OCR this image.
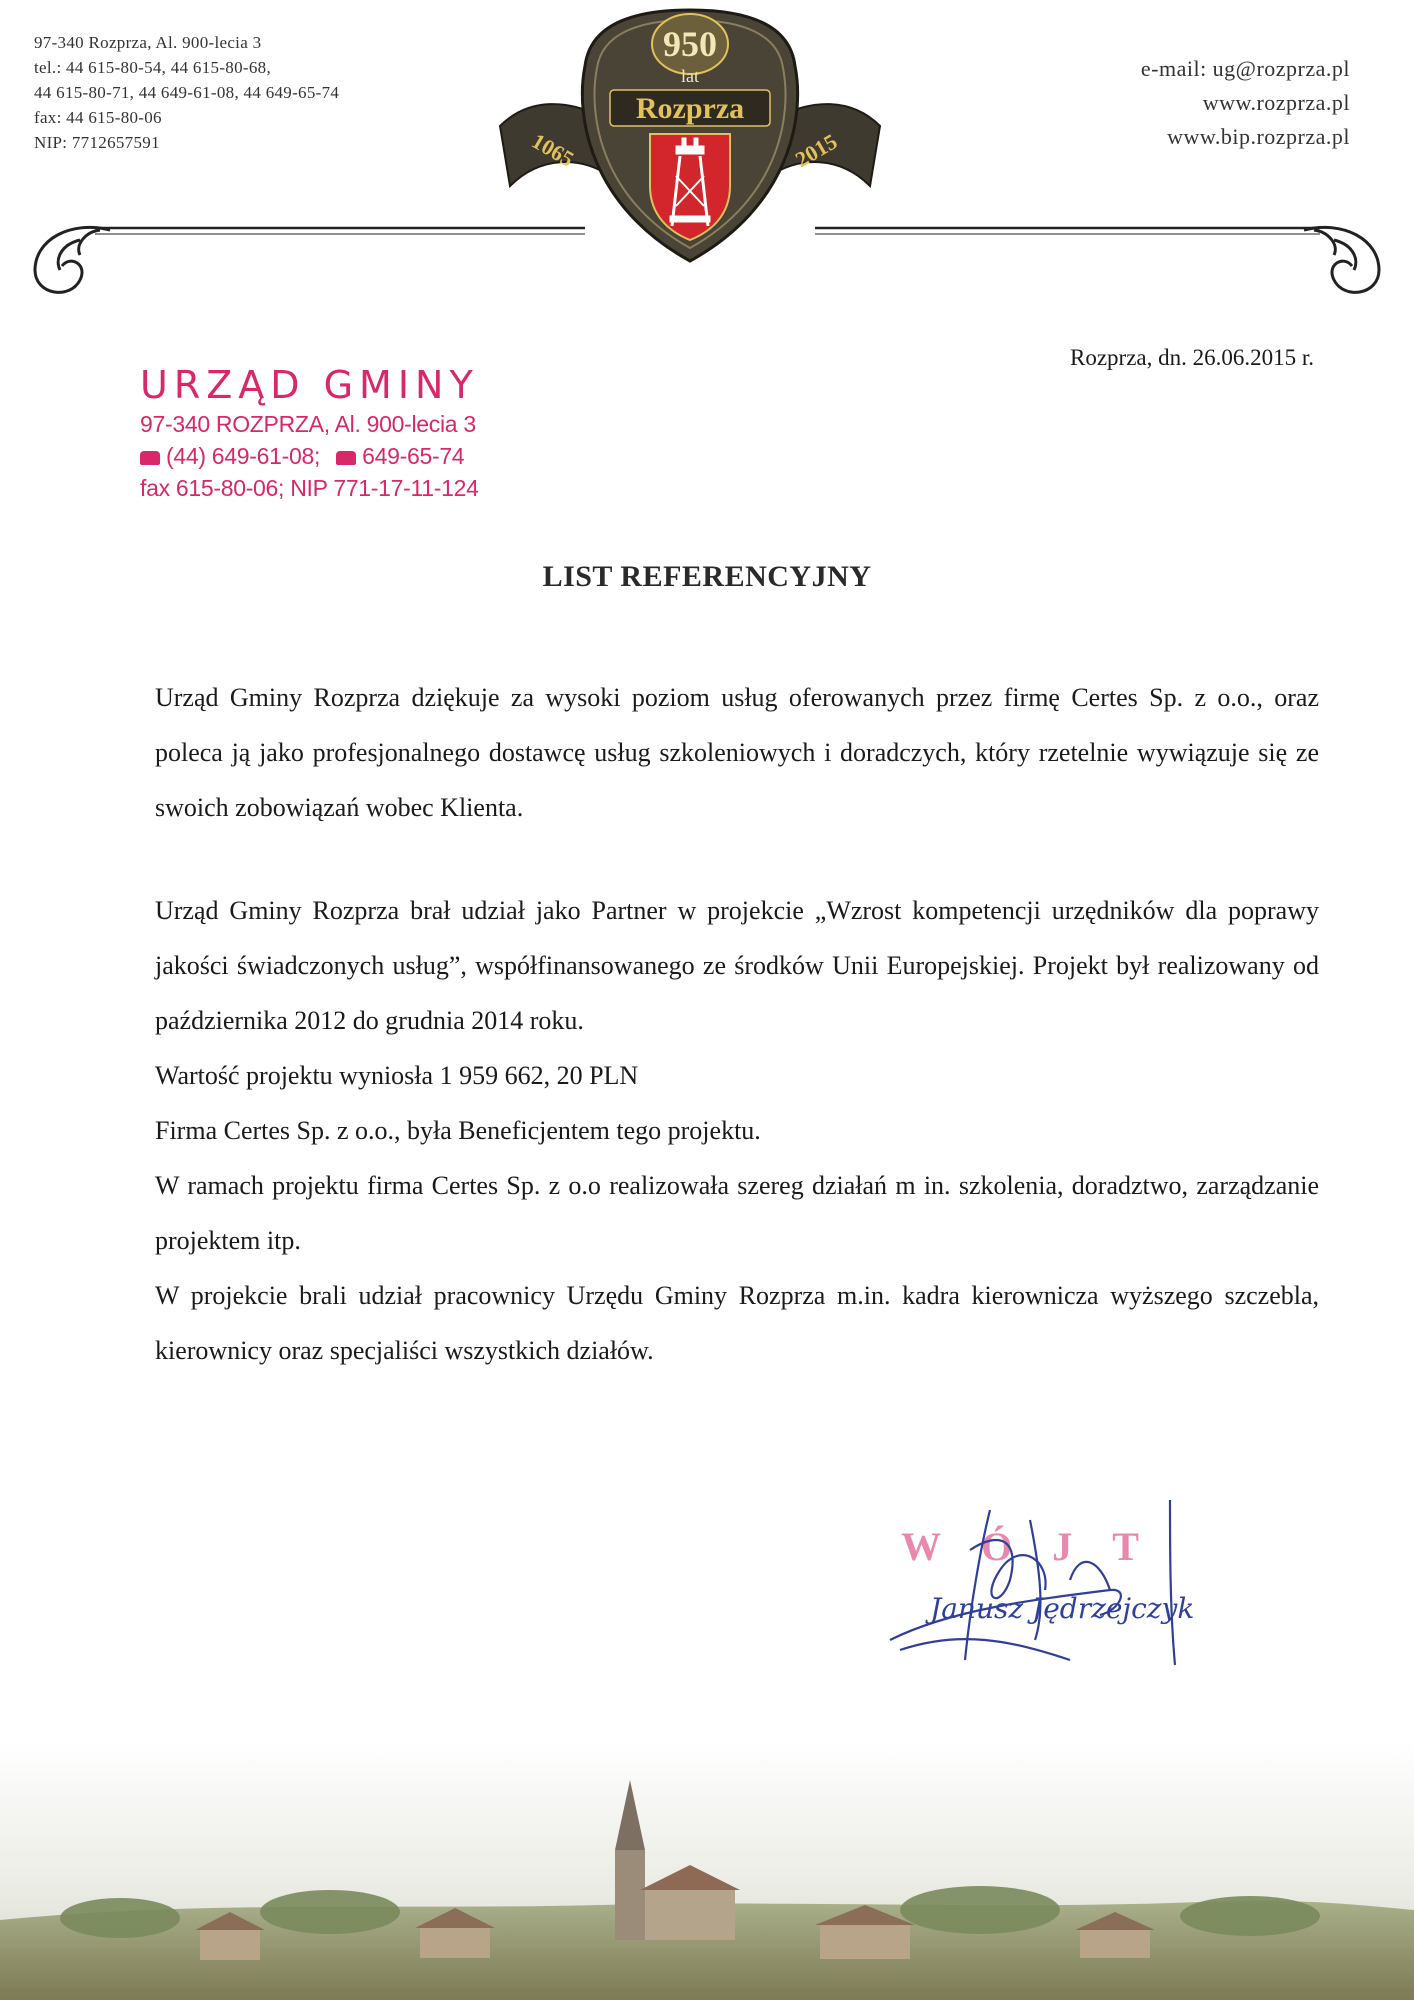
97-340 Rozprza, Al. 900-lecia 3
tel.: 44 615-80-54, 44 615-80-68,
44 615-80-71, 44 649-61-08, 44 649-65-74
fax: 44 615-80-06
NIP: 7712657591	1065	2015
950
lat
Rozprza
e-mail: ug@rozprza.pl
www.rozprza.pl
www.bip.rozprza.pl
Rozprza, dn. 26.06.2015 r.
URZĄD GMINY
97-340 ROZPRZA, Al. 900-lecia 3
(44) 649-61-08; 649-65-74
fax 615-80-06; NIP 771-17-11-124
LIST REFERENCYJNY

Urząd Gminy Rozprza dziękuje za wysoki poziom usług oferowanych przez firmę Certes Sp. z o.o., oraz poleca ją jako profesjonalnego dostawcę usług szkoleniowych i doradczych, który rzetelnie wywiązuje się ze swoich zobowiązań wobec Klienta.

Urząd Gminy Rozprza brał udział jako Partner w projekcie „Wzrost kompetencji urzędników dla poprawy jakości świadczonych usług”, współfinansowanego ze środków Unii Europejskiej. Projekt był realizowany od października 2012 do grudnia 2014 roku.

Wartość projektu wyniosła 1 959 662, 20 PLN

Firma Certes Sp. z o.o., była Beneficjentem tego projektu.

W ramach projektu firma Certes Sp. z o.o realizowała szereg działań m in. szkolenia, doradztwo, zarządzanie projektem itp.

W projekcie brali udział pracownicy Urzędu Gminy Rozprza m.in. kadra kierownicza wyższego szczebla, kierownicy oraz specjaliści wszystkich działów.

WÓJT
Janusz Jędrzejczyk
